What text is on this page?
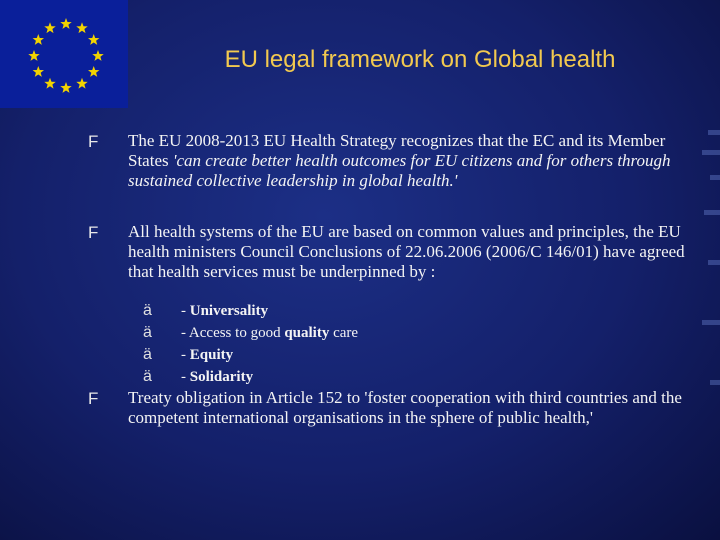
EU legal framework on Global health
F The EU 2008-2013 EU Health Strategy recognizes that the EC and its Member States 'can create better health outcomes for EU citizens and for others through sustained collective leadership in global health.'
F All health systems of the EU are based on common values and principles, the EU health ministers Council Conclusions of 22.06.2006 (2006/C 146/01) have agreed that health services must be underpinned by :
ä - Universality
ä - Access to good quality care
ä - Equity
ä - Solidarity
F Treaty obligation in Article 152 to 'foster cooperation with third countries and the competent international organisations in the sphere of public health,'
